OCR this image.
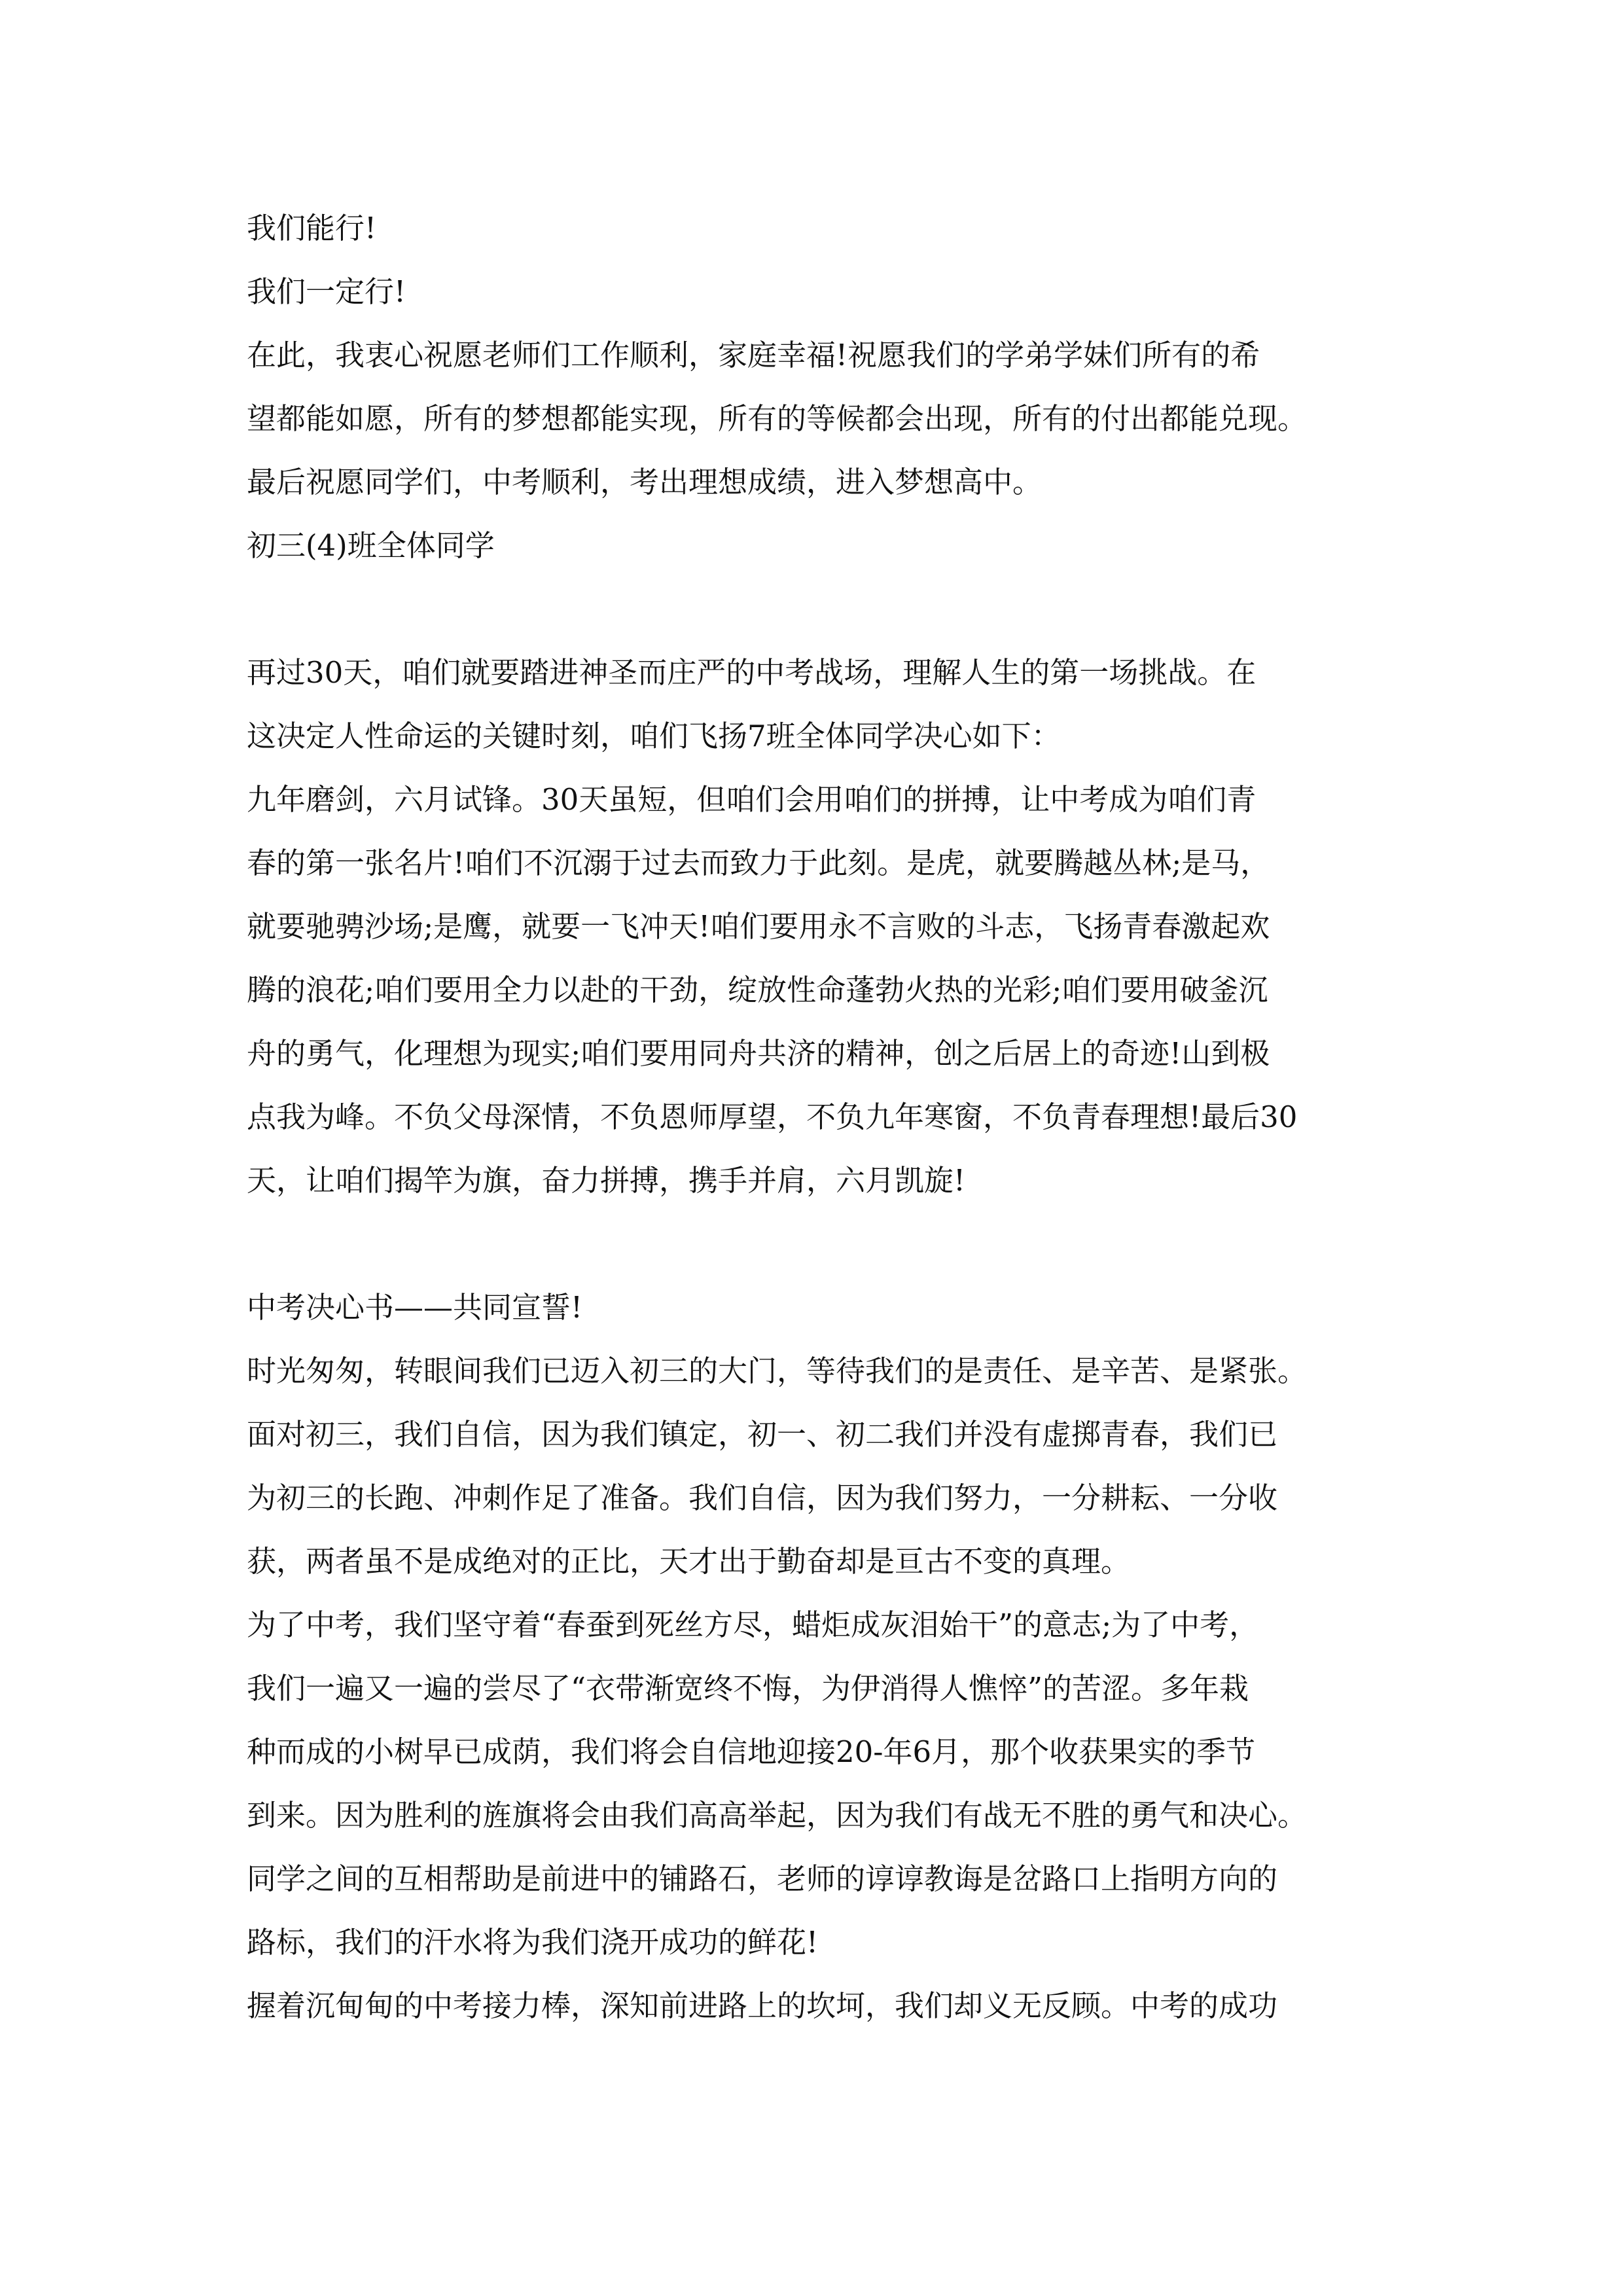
我们能行!
我们一定行!
在此，我衷心祝愿老师们工作顺利，家庭幸福!祝愿我们的学弟学妹们所有的希
望都能如愿，所有的梦想都能实现，所有的等候都会出现，所有的付出都能兑现。
最后祝愿同学们，中考顺利，考出理想成绩，进入梦想高中。
初三(4)班全体同学
再过30天，咱们就要踏进神圣而庄严的中考战场，理解人生的第一场挑战。在
这决定人性命运的关键时刻，咱们飞扬7班全体同学决心如下：
九年磨剑，六月试锋。30天虽短，但咱们会用咱们的拼搏，让中考成为咱们青
春的第一张名片!咱们不沉溺于过去而致力于此刻。是虎，就要腾越丛林;是马，
就要驰骋沙场;是鹰，就要一飞冲天!咱们要用永不言败的斗志，飞扬青春激起欢
腾的浪花;咱们要用全力以赴的干劲，绽放性命蓬勃火热的光彩;咱们要用破釜沉
舟的勇气，化理想为现实;咱们要用同舟共济的精神，创之后居上的奇迹!山到极
点我为峰。不负父母深情，不负恩师厚望，不负九年寒窗，不负青春理想!最后30
天，让咱们揭竿为旗，奋力拼搏，携手并肩，六月凯旋!
中考决心书——共同宣誓!
时光匆匆，转眼间我们已迈入初三的大门，等待我们的是责任、是辛苦、是紧张。
面对初三，我们自信，因为我们镇定，初一、初二我们并没有虚掷青春，我们已
为初三的长跑、冲刺作足了准备。我们自信，因为我们努力，一分耕耘、一分收
获，两者虽不是成绝对的正比，天才出于勤奋却是亘古不变的真理。
为了中考，我们坚守着“春蚕到死丝方尽，蜡炬成灰泪始干”的意志;为了中考，
我们一遍又一遍的尝尽了“衣带渐宽终不悔，为伊消得人憔悴”的苦涩。多年栽
种而成的小树早已成荫，我们将会自信地迎接20-年6月，那个收获果实的季节
到来。因为胜利的旌旗将会由我们高高举起，因为我们有战无不胜的勇气和决心。
同学之间的互相帮助是前进中的铺路石，老师的谆谆教诲是岔路口上指明方向的
路标，我们的汗水将为我们浇开成功的鲜花!
握着沉甸甸的中考接力棒，深知前进路上的坎坷，我们却义无反顾。中考的成功
